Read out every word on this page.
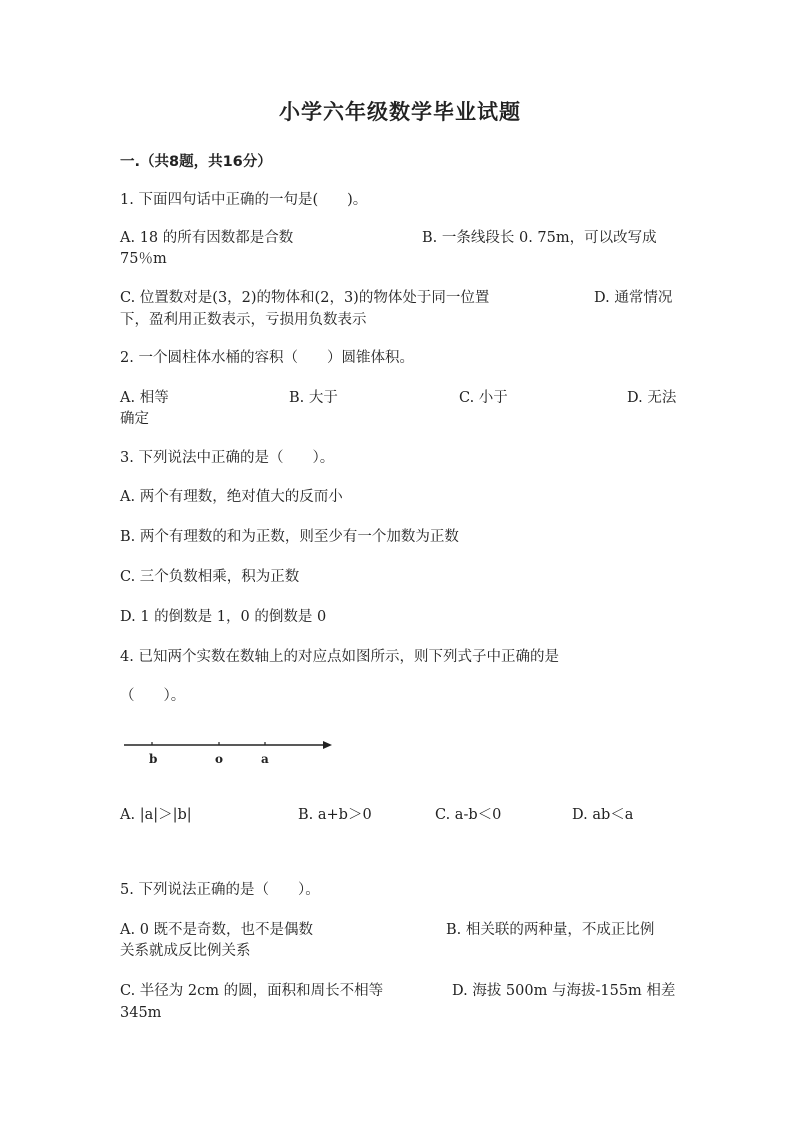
小学六年级数学毕业试题
一.（共8题，共16分）
1. 下面四句话中正确的一句是(　　)。
A. 18 的所有因数都是合数	B. 一条线段长 0. 75m，可以改写成
75％m
C. 位置数对是(3，2)的物体和(2，3)的物体处于同一位置	D. 通常情况
下，盈利用正数表示，亏损用负数表示
2. 一个圆柱体水桶的容积（　　）圆锥体积。
A. 相等	B. 大于	C. 小于	D. 无法
确定
3. 下列说法中正确的是（　　）。
A. 两个有理数，绝对值大的反而小
B. 两个有理数的和为正数，则至少有一个加数为正数
C. 三个负数相乘，积为正数
D. 1 的倒数是 1，0 的倒数是 0
4. 已知两个实数在数轴上的对应点如图所示，则下列式子中正确的是
（　　）。
b	o	a
A. |a|＞|b|	B. a+b＞0	C. a-b＜0	D. ab＜a
5. 下列说法正确的是（　　）。
A. 0 既不是奇数，也不是偶数	B. 相关联的两种量，不成正比例
关系就成反比例关系
C. 半径为 2cm 的圆，面积和周长不相等	D. 海拔 500m 与海拔-155m 相差
345m
